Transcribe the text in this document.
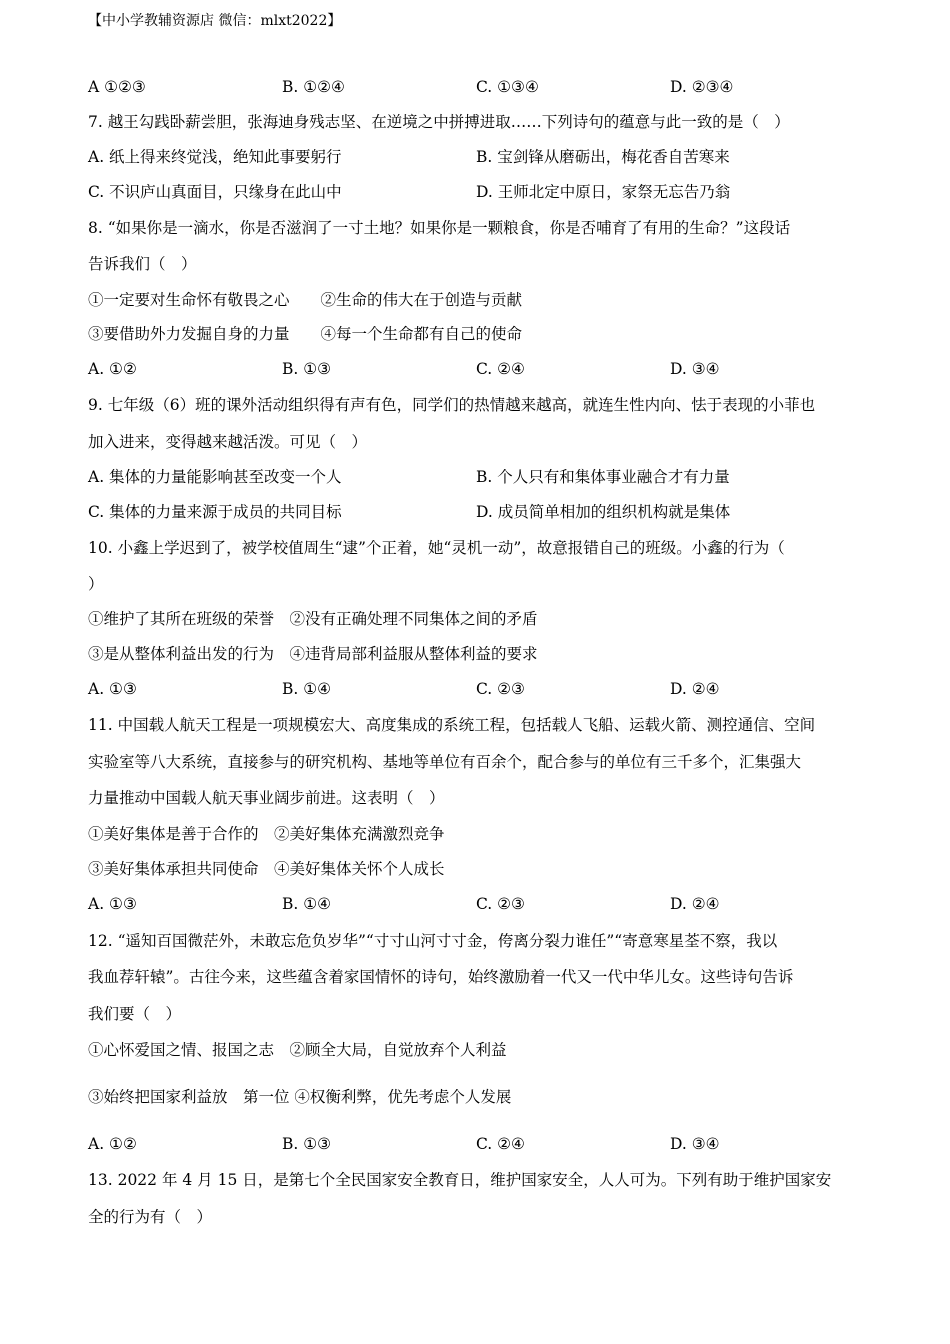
【中小学教辅资源店 微信：mlxt2022】
A ①②③	B. ①②④	C. ①③④	D. ②③④
7. 越王勾践卧薪尝胆，张海迪身残志坚、在逆境之中拼搏进取……下列诗句的蕴意与此一致的是（　）
A. 纸上得来终觉浅，绝知此事要躬行	B. 宝剑锋从磨砺出，梅花香自苦寒来
C. 不识庐山真面目，只缘身在此山中	D. 王师北定中原日，家祭无忘告乃翁
8. “如果你是一滴水，你是否滋润了一寸土地？如果你是一颗粮食，你是否哺育了有用的生命？”这段话
告诉我们（　）
①一定要对生命怀有敬畏之心　　②生命的伟大在于创造与贡献
③要借助外力发掘自身的力量　　④每一个生命都有自己的使命
A. ①②	B. ①③	C. ②④	D. ③④
9. 七年级（6）班的课外活动组织得有声有色，同学们的热情越来越高，就连生性内向、怯于表现的小菲也
加入进来，变得越来越活泼。可见（　）
A. 集体的力量能影响甚至改变一个人	B. 个人只有和集体事业融合才有力量
C. 集体的力量来源于成员的共同目标	D. 成员简单相加的组织机构就是集体
10. 小鑫上学迟到了，被学校值周生“逮”个正着，她“灵机一动”，故意报错自己的班级。小鑫的行为（
）
①维护了其所在班级的荣誉　②没有正确处理不同集体之间的矛盾
③是从整体利益出发的行为　④违背局部利益服从整体利益的要求
A. ①③	B. ①④	C. ②③	D. ②④
11. 中国载人航天工程是一项规模宏大、高度集成的系统工程，包括载人飞船、运载火箭、测控通信、空间
实验室等八大系统，直接参与的研究机构、基地等单位有百余个，配合参与的单位有三千多个，汇集强大
力量推动中国载人航天事业阔步前进。这表明（　）
①美好集体是善于合作的　②美好集体充满激烈竞争
③美好集体承担共同使命　④美好集体关怀个人成长
A. ①③	B. ①④	C. ②③	D. ②④
12. “遥知百国微茫外，未敢忘危负岁华”“寸寸山河寸寸金，侉离分裂力谁任”“寄意寒星荃不察，我以
我血荐轩辕”。古往今来，这些蕴含着家国情怀的诗句，始终激励着一代又一代中华儿女。这些诗句告诉
我们要（　）
①心怀爱国之情、报国之志　②顾全大局，自觉放弃个人利益
③始终把国家利益放　第一位 ④权衡利弊，优先考虑个人发展
A. ①②	B. ①③	C. ②④	D. ③④
13. 2022 年 4 月 15 日，是第七个全民国家安全教育日，维护国家安全，人人可为。下列有助于维护国家安
全的行为有（　）
